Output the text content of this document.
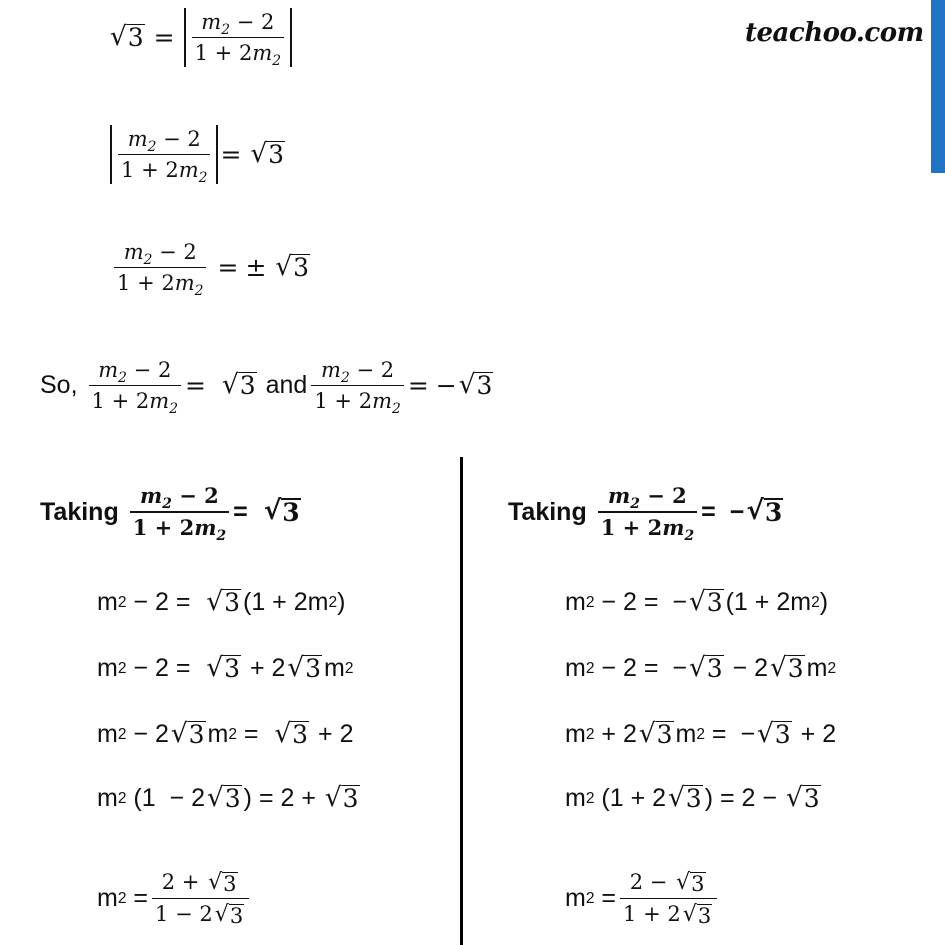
teachoo.com
√ $3 = \frac{m_2 - 2}{1 + 2m_2}$
$\frac{m_2 - 2}{1 + 2m_2}$ = √ 3
$\frac{m_2 - 2}{1 + 2m_2}$ = ± √ 3
So, $\frac{m_2 - 2}{1 + 2m_2}$ = √ 3 and $\frac{m_2 - 2}{1 + 2m_2}$ = − √ 3
Taking $\frac{m_2 - 2}{1 + 2m_2}$ = √ 3
m 2
−
2
=
√ 3 ( 1
+
2 m 2 )
m 2
−
2
=
√ 3
+
2 √ 3 m 2
m 2
−
2 √ 3 m 2
=
√ 3
+
2
m 2
( 1
−
2 √ 3 )
=
2
+
√ 3
m 2
= $\frac{2 + √ 3}{1 - 2 √ 3}$
Taking $\frac{m_2 - 2}{1 + 2m_2}$ = − √ 3
m 2
−
2
=
− √ 3 ( 1
+
2 m 2 )
m 2
−
2
=
− √ 3
−
2 √ 3 m 2
m 2
+
2 √ 3 m 2
=
− √ 3
+
2
m 2
( 1
+
2 √ 3 )
=
2
−
√ 3
m 2
= $\frac{2 - √ 3}{1 + 2 √ 3}$
